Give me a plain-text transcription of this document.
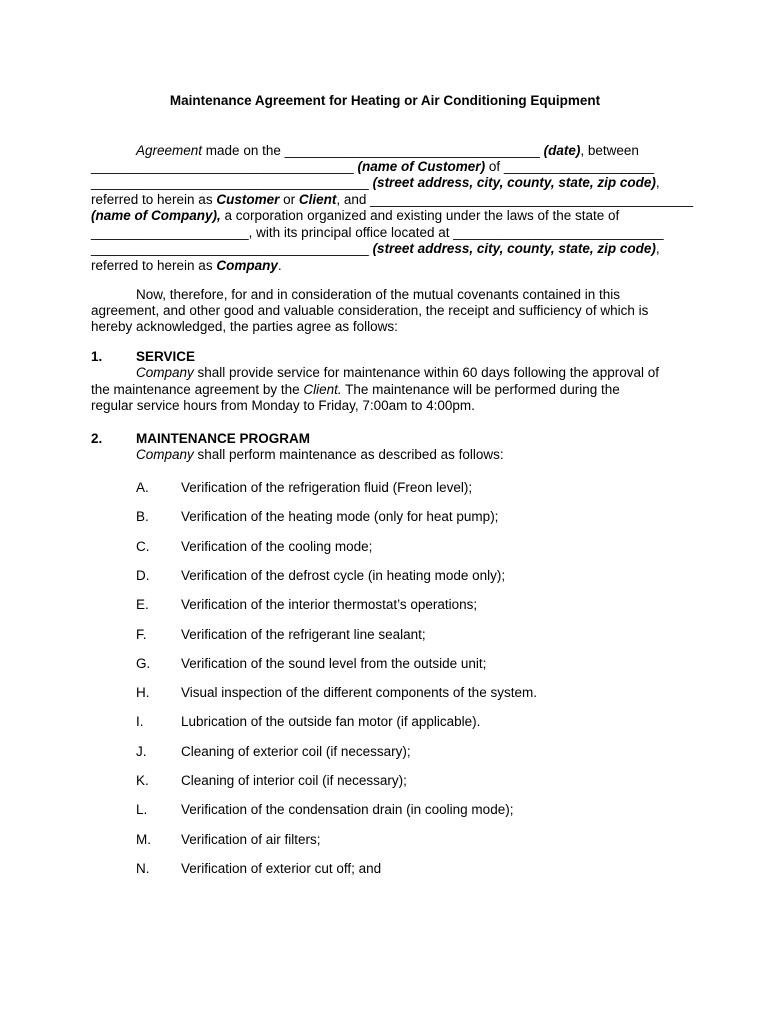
Maintenance Agreement for Heating or Air Conditioning Equipment
Agreement made on the __________________________________ (date), between
___________________________________ (name of Customer) of ____________________
_____________________________________ (street address, city, county, state, zip code),
referred to herein as Customer or Client, and ___________________________________________
(name of Company), a corporation organized and existing under the laws of the state of
_____________________, with its principal office located at ____________________________
_____________________________________ (street address, city, county, state, zip code),
referred to herein as Company.
Now, therefore, for and in consideration of the mutual covenants contained in this
agreement, and other good and valuable consideration, the receipt and sufficiency of which is
hereby acknowledged, the parties agree as follows:
1. SERVICE
Company shall provide service for maintenance within 60 days following the approval of
the maintenance agreement by the Client. The maintenance will be performed during the
regular service hours from Monday to Friday, 7:00am to 4:00pm.
2. MAINTENANCE PROGRAM
Company shall perform maintenance as described as follows:
A. Verification of the refrigeration fluid (Freon level);
B. Verification of the heating mode (only for heat pump);
C. Verification of the cooling mode;
D. Verification of the defrost cycle (in heating mode only);
E. Verification of the interior thermostat’s operations;
F.	Verification of the refrigerant line sealant;
G. Verification of the sound level from the outside unit;
H. Visual inspection of the different components of the system.
I.	Lubrication of the outside fan motor (if applicable).
J.	Cleaning of exterior coil (if necessary);
K. Cleaning of interior coil (if necessary);
L. Verification of the condensation drain (in cooling mode);
M. Verification of air filters;
N. Verification of exterior cut off; and
